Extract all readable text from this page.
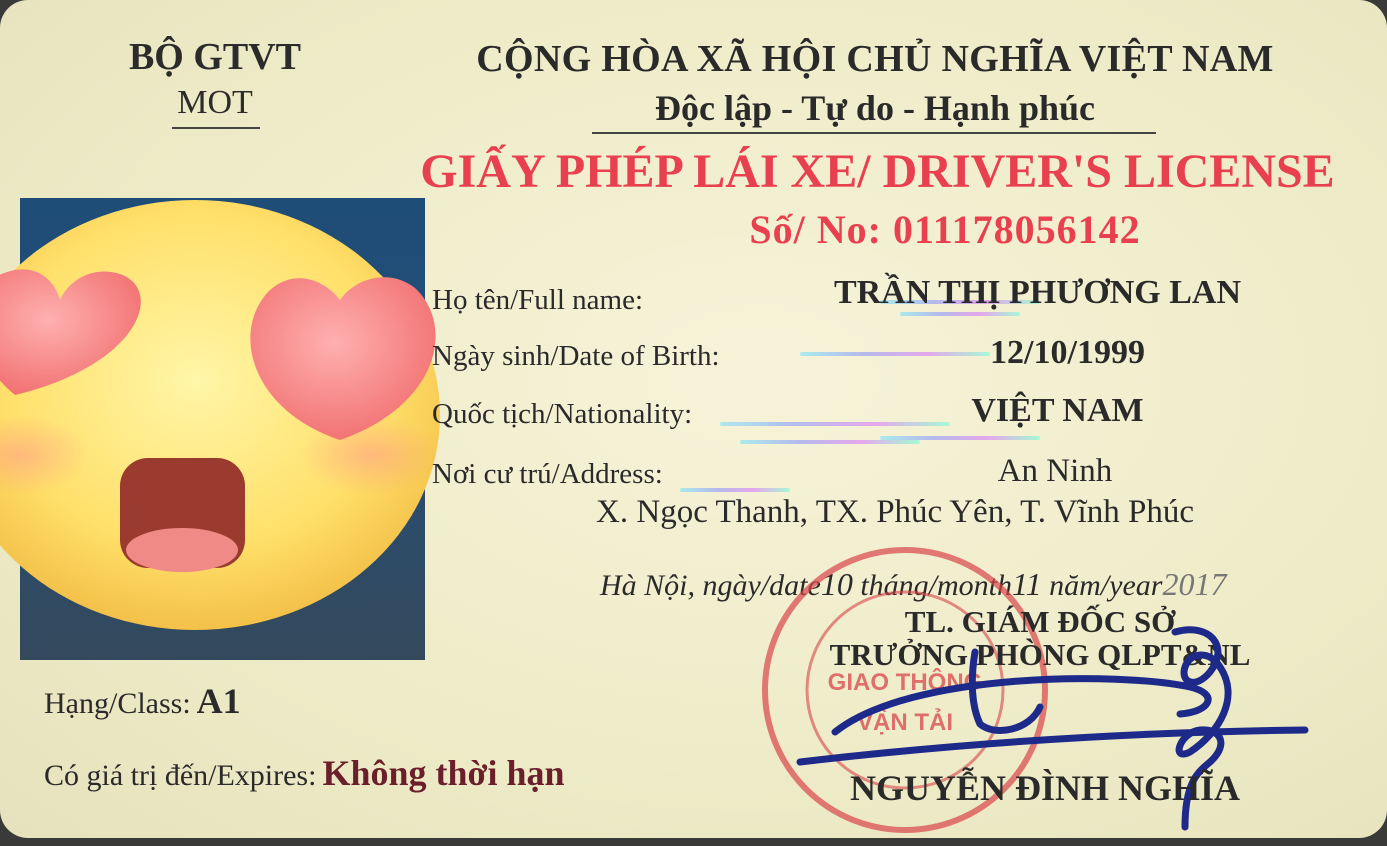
BỘ GTVT
MOT
CỘNG HÒA XÃ HỘI CHỦ NGHĨA VIỆT NAM
Độc lập - Tự do - Hạnh phúc
GIẤY PHÉP LÁI XE/ DRIVER'S LICENSE
Số/ No: 011178056142
Họ tên/Full name:	TRẦN THỊ PHƯƠNG LAN
Ngày sinh/Date of Birth:	12/10/1999
Quốc tịch/Nationality:	VIỆT NAM
Nơi cư trú/Address:	An Ninh
X. Ngọc Thanh, TX. Phúc Yên, T. Vĩnh Phúc
Hà Nội, ngày/date10 tháng/month11 năm/year2017
GIAO THÔNG
VẬN TẢI
TL. GIÁM ĐỐC SỞ
TRƯỞNG PHÒNG QLPT&NL
NGUYỄN ĐÌNH NGHĨA
Hạng/Class: A1
Có giá trị đến/Expires: Không thời hạn
